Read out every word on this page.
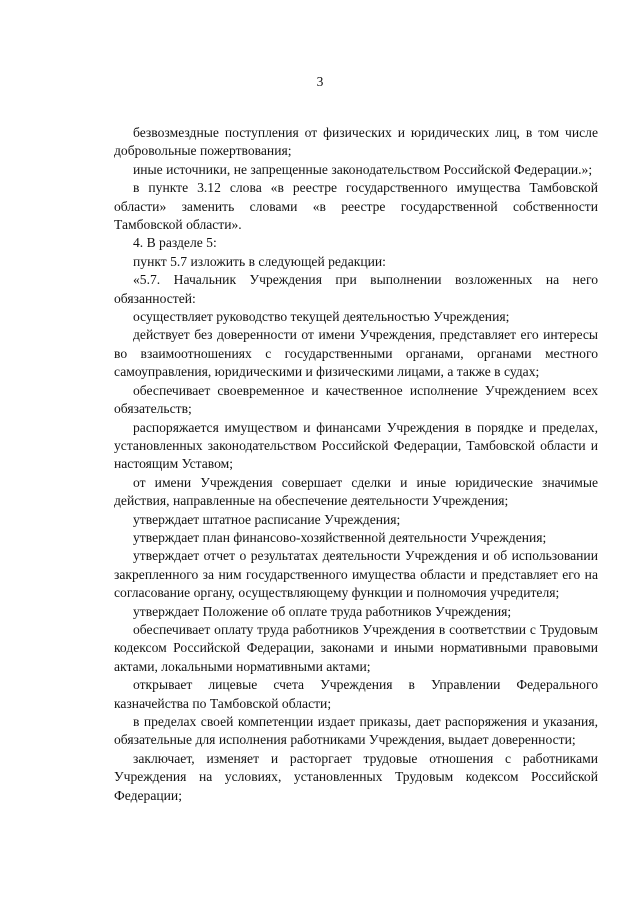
3

безвозмездные поступления от физических и юридических лиц, в том числе добровольные пожертвования;

иные источники, не запрещенные законодательством Российской Федерации.»;

в пункте 3.12 слова «в реестре государственного имущества Тамбовской области» заменить словами «в реестре государственной собственности Тамбовской области».

4. В разделе 5:

пункт 5.7 изложить в следующей редакции:

«5.7. Начальник Учреждения при выполнении возложенных на него обязанностей:

осуществляет руководство текущей деятельностью Учреждения;

действует без доверенности от имени Учреждения, представляет его интересы во взаимоотношениях с государственными органами, органами местного самоуправления, юридическими и физическими лицами, а также в судах;

обеспечивает своевременное и качественное исполнение Учреждением всех обязательств;

распоряжается имуществом и финансами Учреждения в порядке и пределах, установленных законодательством Российской Федерации, Тамбовской области и настоящим Уставом;

от имени Учреждения совершает сделки и иные юридические значимые действия, направленные на обеспечение деятельности Учреждения;

утверждает штатное расписание Учреждения;

утверждает план финансово-хозяйственной деятельности Учреждения;

утверждает отчет о результатах деятельности Учреждения и об использовании закрепленного за ним государственного имущества области и представляет его на согласование органу, осуществляющему функции и полномочия учредителя;

утверждает Положение об оплате труда работников Учреждения;

обеспечивает оплату труда работников Учреждения в соответствии с Трудовым кодексом Российской Федерации, законами и иными нормативными правовыми актами, локальными нормативными актами;

открывает лицевые счета Учреждения в Управлении Федерального казначейства по Тамбовской области;

в пределах своей компетенции издает приказы, дает распоряжения и указания, обязательные для исполнения работниками Учреждения, выдает доверенности;

заключает, изменяет и расторгает трудовые отношения с работниками Учреждения на условиях, установленных Трудовым кодексом Российской Федерации;
